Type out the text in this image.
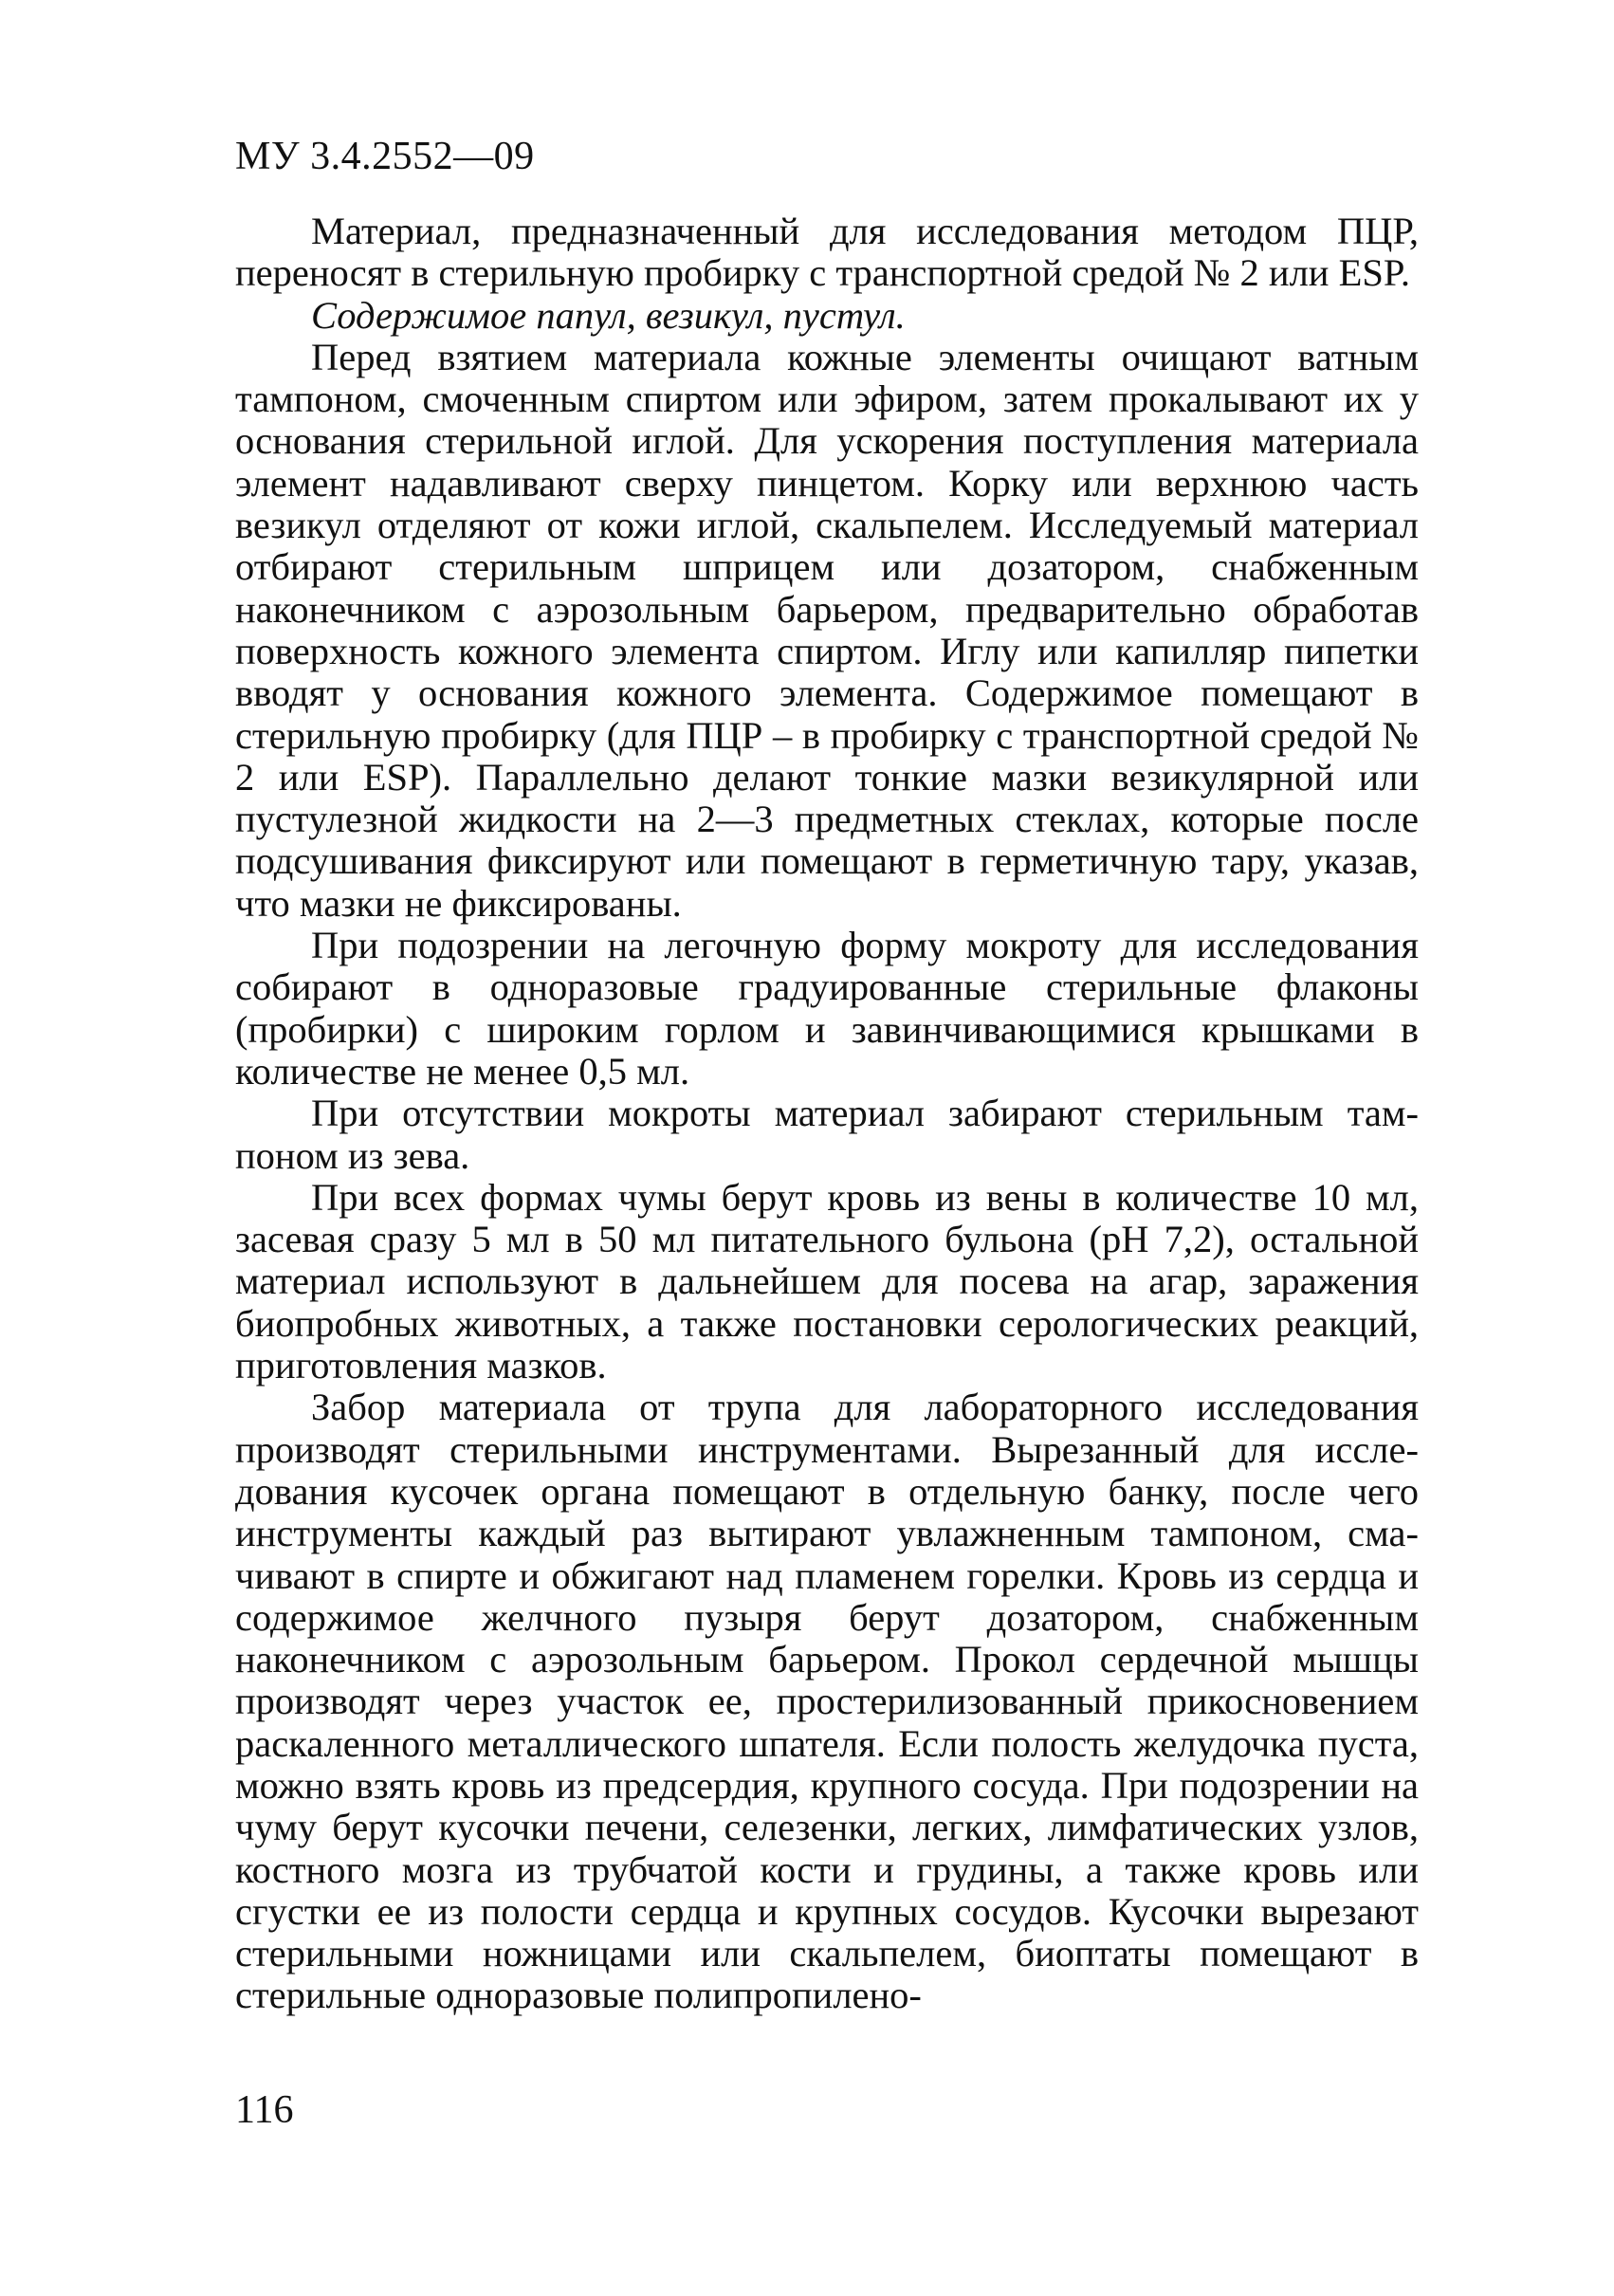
МУ 3.4.2552—09

Материал, предназначенный для исследования методом ПЦР, переносят в стерильную пробирку с транспортной средой № 2 или ESP.

Содержимое папул, везикул, пустул.

Перед взятием материала кожные элементы очищают ватным тампоном, смоченным спиртом или эфиром, затем прокалывают их у основания стерильной иглой. Для ускорения поступления материала элемент надавливают сверху пинцетом. Корку или верхнюю часть везикул отделяют от кожи иглой, скальпелем. Исследуемый материал отбирают стерильным шприцем или дозатором, снабженным наконечником с аэрозольным барьером, предварительно обработав поверхность кожного элемента спиртом. Иглу или капилляр пипетки вводят у основания кожного элемента. Содержимое помещают в стерильную пробирку (для ПЦР – в пробирку с транспортной средой № 2 или ESP). Параллельно делают тонкие мазки везикулярной или пустулезной жидкости на 2—3 предметных стеклах, которые после подсушивания фиксируют или помещают в герметичную тару, указав, что мазки не фиксированы.

При подозрении на легочную форму мокроту для исследования собирают в одноразовые градуированные стерильные флаконы (пробирки) с широким горлом и завинчивающимися крышками в количестве не менее 0,5 мл.

При отсутствии мокроты материал забирают стерильным тампоном из зева.

При всех формах чумы берут кровь из вены в количестве 10 мл, засевая сразу 5 мл в 50 мл питательного бульона (pH 7,2), остальной материал используют в дальнейшем для посева на агар, заражения биопробных животных, а также постановки серологических реакций, приготовления мазков.

Забор материала от трупа для лабораторного исследования производят стерильными инструментами. Вырезанный для исследования кусочек органа помещают в отдельную банку, после чего инструменты каждый раз вытирают увлажненным тампоном, смачивают в спирте и обжигают над пламенем горелки. Кровь из сердца и содержимое желчного пузыря берут дозатором, снабженным наконечником с аэрозольным барьером. Прокол сердечной мышцы производят через участок ее, простерилизованный прикосновением раскаленного металлического шпателя. Если полость желудочка пуста, можно взять кровь из предсердия, крупного сосуда. При подозрении на чуму берут кусочки печени, селезенки, легких, лимфатических узлов, костного мозга из трубчатой кости и грудины, а также кровь или сгустки ее из полости сердца и крупных сосудов. Кусочки вырезают стерильными ножницами или скальпелем, биоптаты помещают в стерильные одноразовые полипропилено-

116
